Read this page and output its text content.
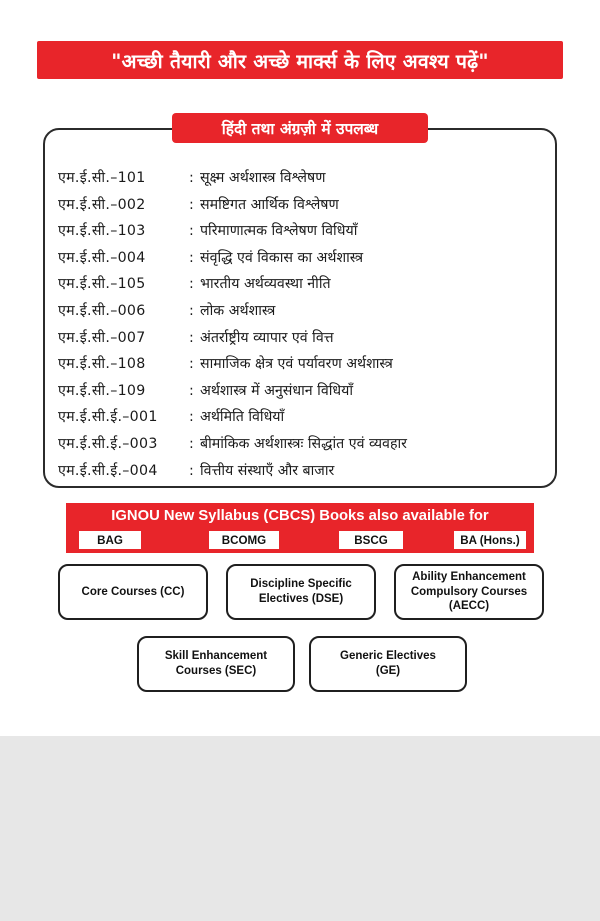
"अच्छी तैयारी और अच्छे मार्क्स के लिए अवश्य पढ़ें"
हिंदी तथा अंग्रज़ी में उपलब्ध
एम.ई.सी.–101	: सूक्ष्म अर्थशास्त्र विश्लेषण
एम.ई.सी.–002	: समष्टिगत आर्थिक विश्लेषण
एम.ई.सी.–103	: परिमाणात्मक विश्लेषण विधियाँ
एम.ई.सी.–004	: संवृद्धि एवं विकास का अर्थशास्त्र
एम.ई.सी.–105	: भारतीय अर्थव्यवस्था नीति
एम.ई.सी.–006	: लोक अर्थशास्त्र
एम.ई.सी.–007	: अंतर्राष्ट्रीय व्यापार एवं वित्त
एम.ई.सी.–108	: सामाजिक क्षेत्र एवं पर्यावरण अर्थशास्त्र
एम.ई.सी.–109	: अर्थशास्त्र में अनुसंधान विधियाँ
एम.ई.सी.ई.–001	: अर्थमिति विधियाँ
एम.ई.सी.ई.–003	: बीमांकिक अर्थशास्त्रः सिद्धांत एवं व्यवहार
एम.ई.सी.ई.–004	: वित्तीय संस्थाएँ और बाजार
IGNOU New Syllabus (CBCS) Books also available for
BAG	BCOMG	BSCG	BA (Hons.)
Core Courses (CC)
Discipline Specific
Electives (DSE)
Ability Enhancement
Compulsory Courses
(AECC)
Skill Enhancement
Courses (SEC)
Generic Electives
(GE)
